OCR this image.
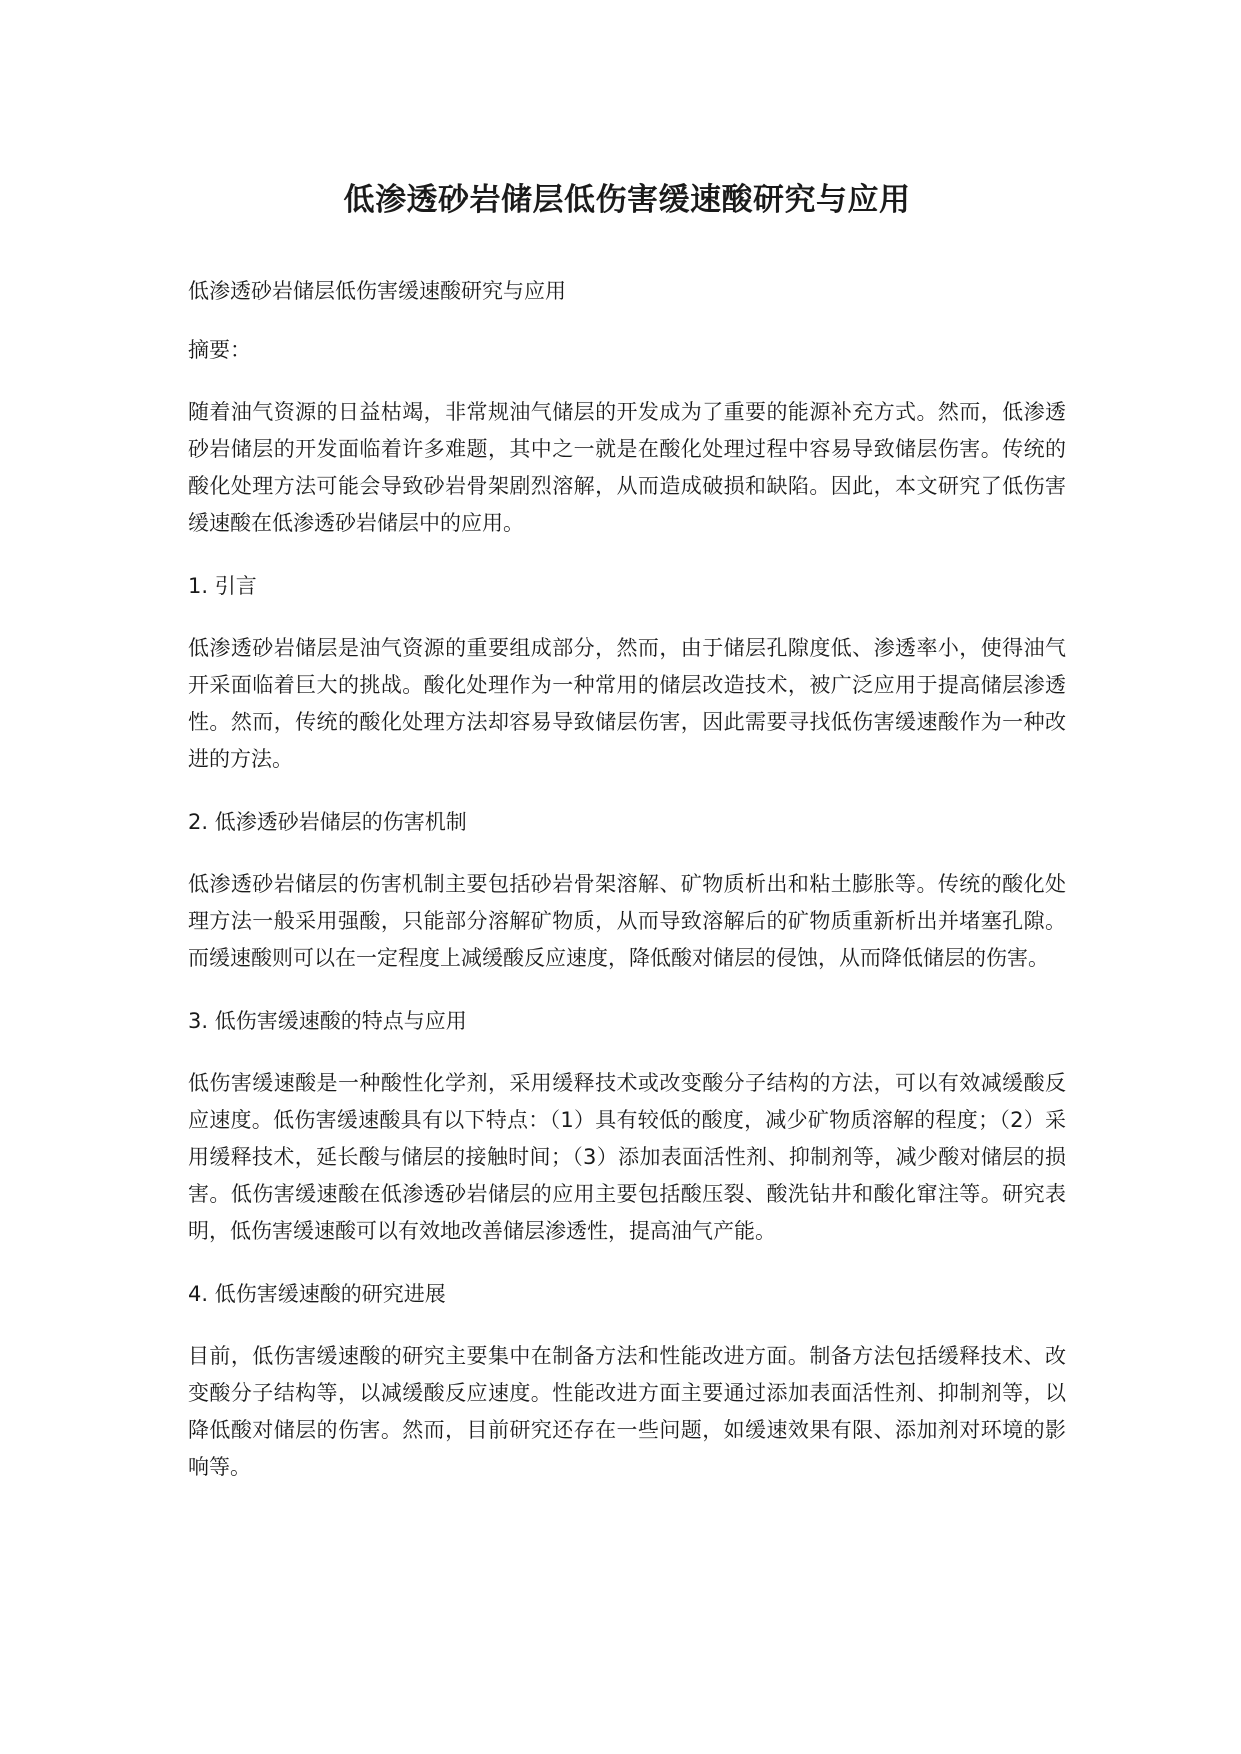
低渗透砂岩储层低伤害缓速酸研究与应用

低渗透砂岩储层低伤害缓速酸研究与应用

摘要：

随着油气资源的日益枯竭，非常规油气储层的开发成为了重要的能源补充方式。然而，低渗透砂岩储层的开发面临着许多难题，其中之一就是在酸化处理过程中容易导致储层伤害。传统的酸化处理方法可能会导致砂岩骨架剧烈溶解，从而造成破损和缺陷。因此，本文研究了低伤害缓速酸在低渗透砂岩储层中的应用。

1. 引言

低渗透砂岩储层是油气资源的重要组成部分，然而，由于储层孔隙度低、渗透率小，使得油气开采面临着巨大的挑战。酸化处理作为一种常用的储层改造技术，被广泛应用于提高储层渗透性。然而，传统的酸化处理方法却容易导致储层伤害，因此需要寻找低伤害缓速酸作为一种改进的方法。

2. 低渗透砂岩储层的伤害机制

低渗透砂岩储层的伤害机制主要包括砂岩骨架溶解、矿物质析出和粘土膨胀等。传统的酸化处理方法一般采用强酸，只能部分溶解矿物质，从而导致溶解后的矿物质重新析出并堵塞孔隙。而缓速酸则可以在一定程度上减缓酸反应速度，降低酸对储层的侵蚀，从而降低储层的伤害。

3. 低伤害缓速酸的特点与应用

低伤害缓速酸是一种酸性化学剂，采用缓释技术或改变酸分子结构的方法，可以有效减缓酸反应速度。低伤害缓速酸具有以下特点：（1）具有较低的酸度，减少矿物质溶解的程度；（2）采用缓释技术，延长酸与储层的接触时间；（3）添加表面活性剂、抑制剂等，减少酸对储层的损害。低伤害缓速酸在低渗透砂岩储层的应用主要包括酸压裂、酸洗钻井和酸化窜注等。研究表明，低伤害缓速酸可以有效地改善储层渗透性，提高油气产能。

4. 低伤害缓速酸的研究进展

目前，低伤害缓速酸的研究主要集中在制备方法和性能改进方面。制备方法包括缓释技术、改变酸分子结构等，以减缓酸反应速度。性能改进方面主要通过添加表面活性剂、抑制剂等，以降低酸对储层的伤害。然而，目前研究还存在一些问题，如缓速效果有限、添加剂对环境的影响等。
